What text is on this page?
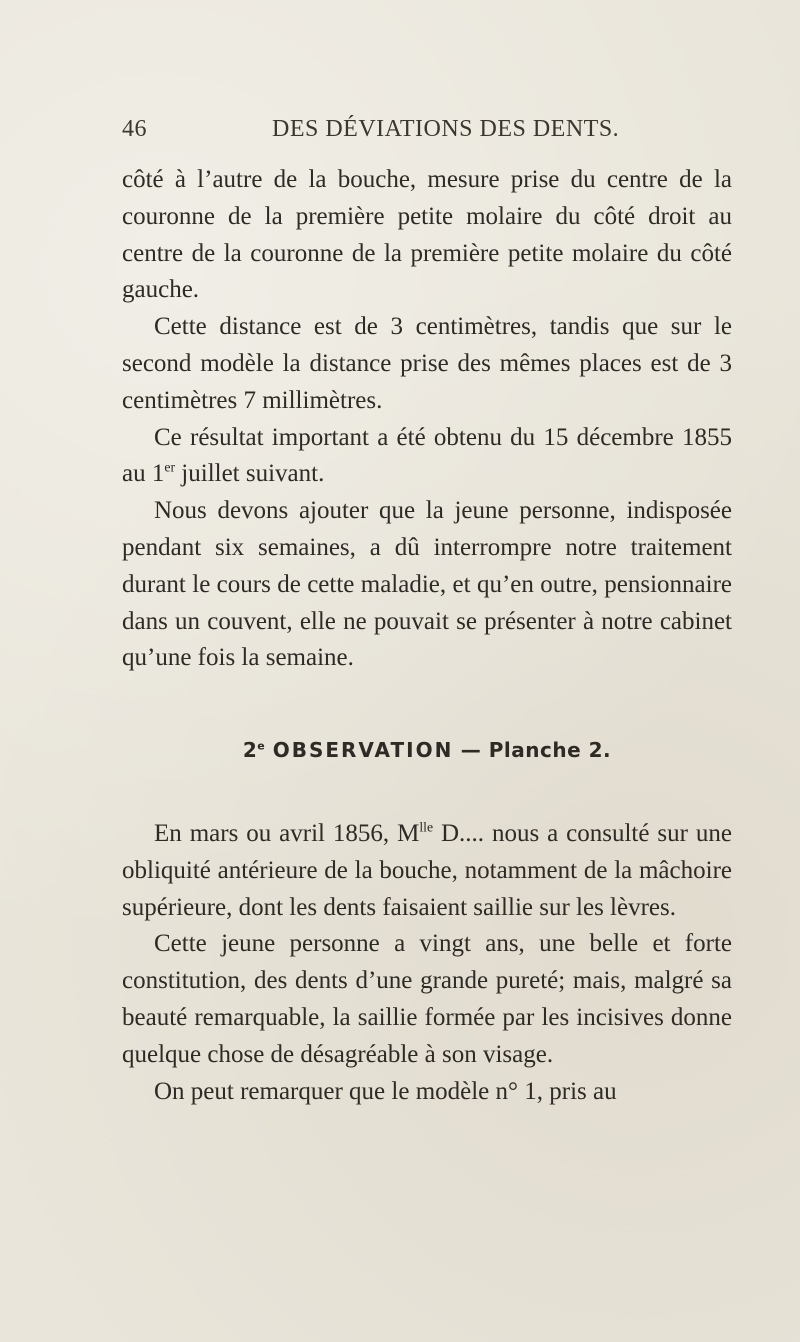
46	DES DÉVIATIONS DES DENTS.

côté à l’autre de la bouche, mesure prise du centre de la couronne de la première petite molaire du côté droit au centre de la couronne de la première petite molaire du côté gauche.

Cette distance est de 3 centimètres, tandis que sur le second modèle la distance prise des mêmes places est de 3 centimètres 7 millimètres.

Ce résultat important a été obtenu du 15 décembre 1855 au 1er juillet suivant.

Nous devons ajouter que la jeune personne, indisposée pendant six semaines, a dû interrompre notre traitement durant le cours de cette maladie, et qu’en outre, pensionnaire dans un couvent, elle ne pouvait se présenter à notre cabinet qu’une fois la semaine.

2e OBSERVATION — Planche 2.

En mars ou avril 1856, $M^{lle}$ D.... nous a consulté sur une obliquité antérieure de la bouche, notamment de la mâchoire supérieure, dont les dents faisaient saillie sur les lèvres.

Cette jeune personne a vingt ans, une belle et forte constitution, des dents d’une grande pureté; mais, malgré sa beauté remarquable, la saillie formée par les incisives donne quelque chose de désagréable à son visage.

On peut remarquer que le modèle n° 1, pris au
